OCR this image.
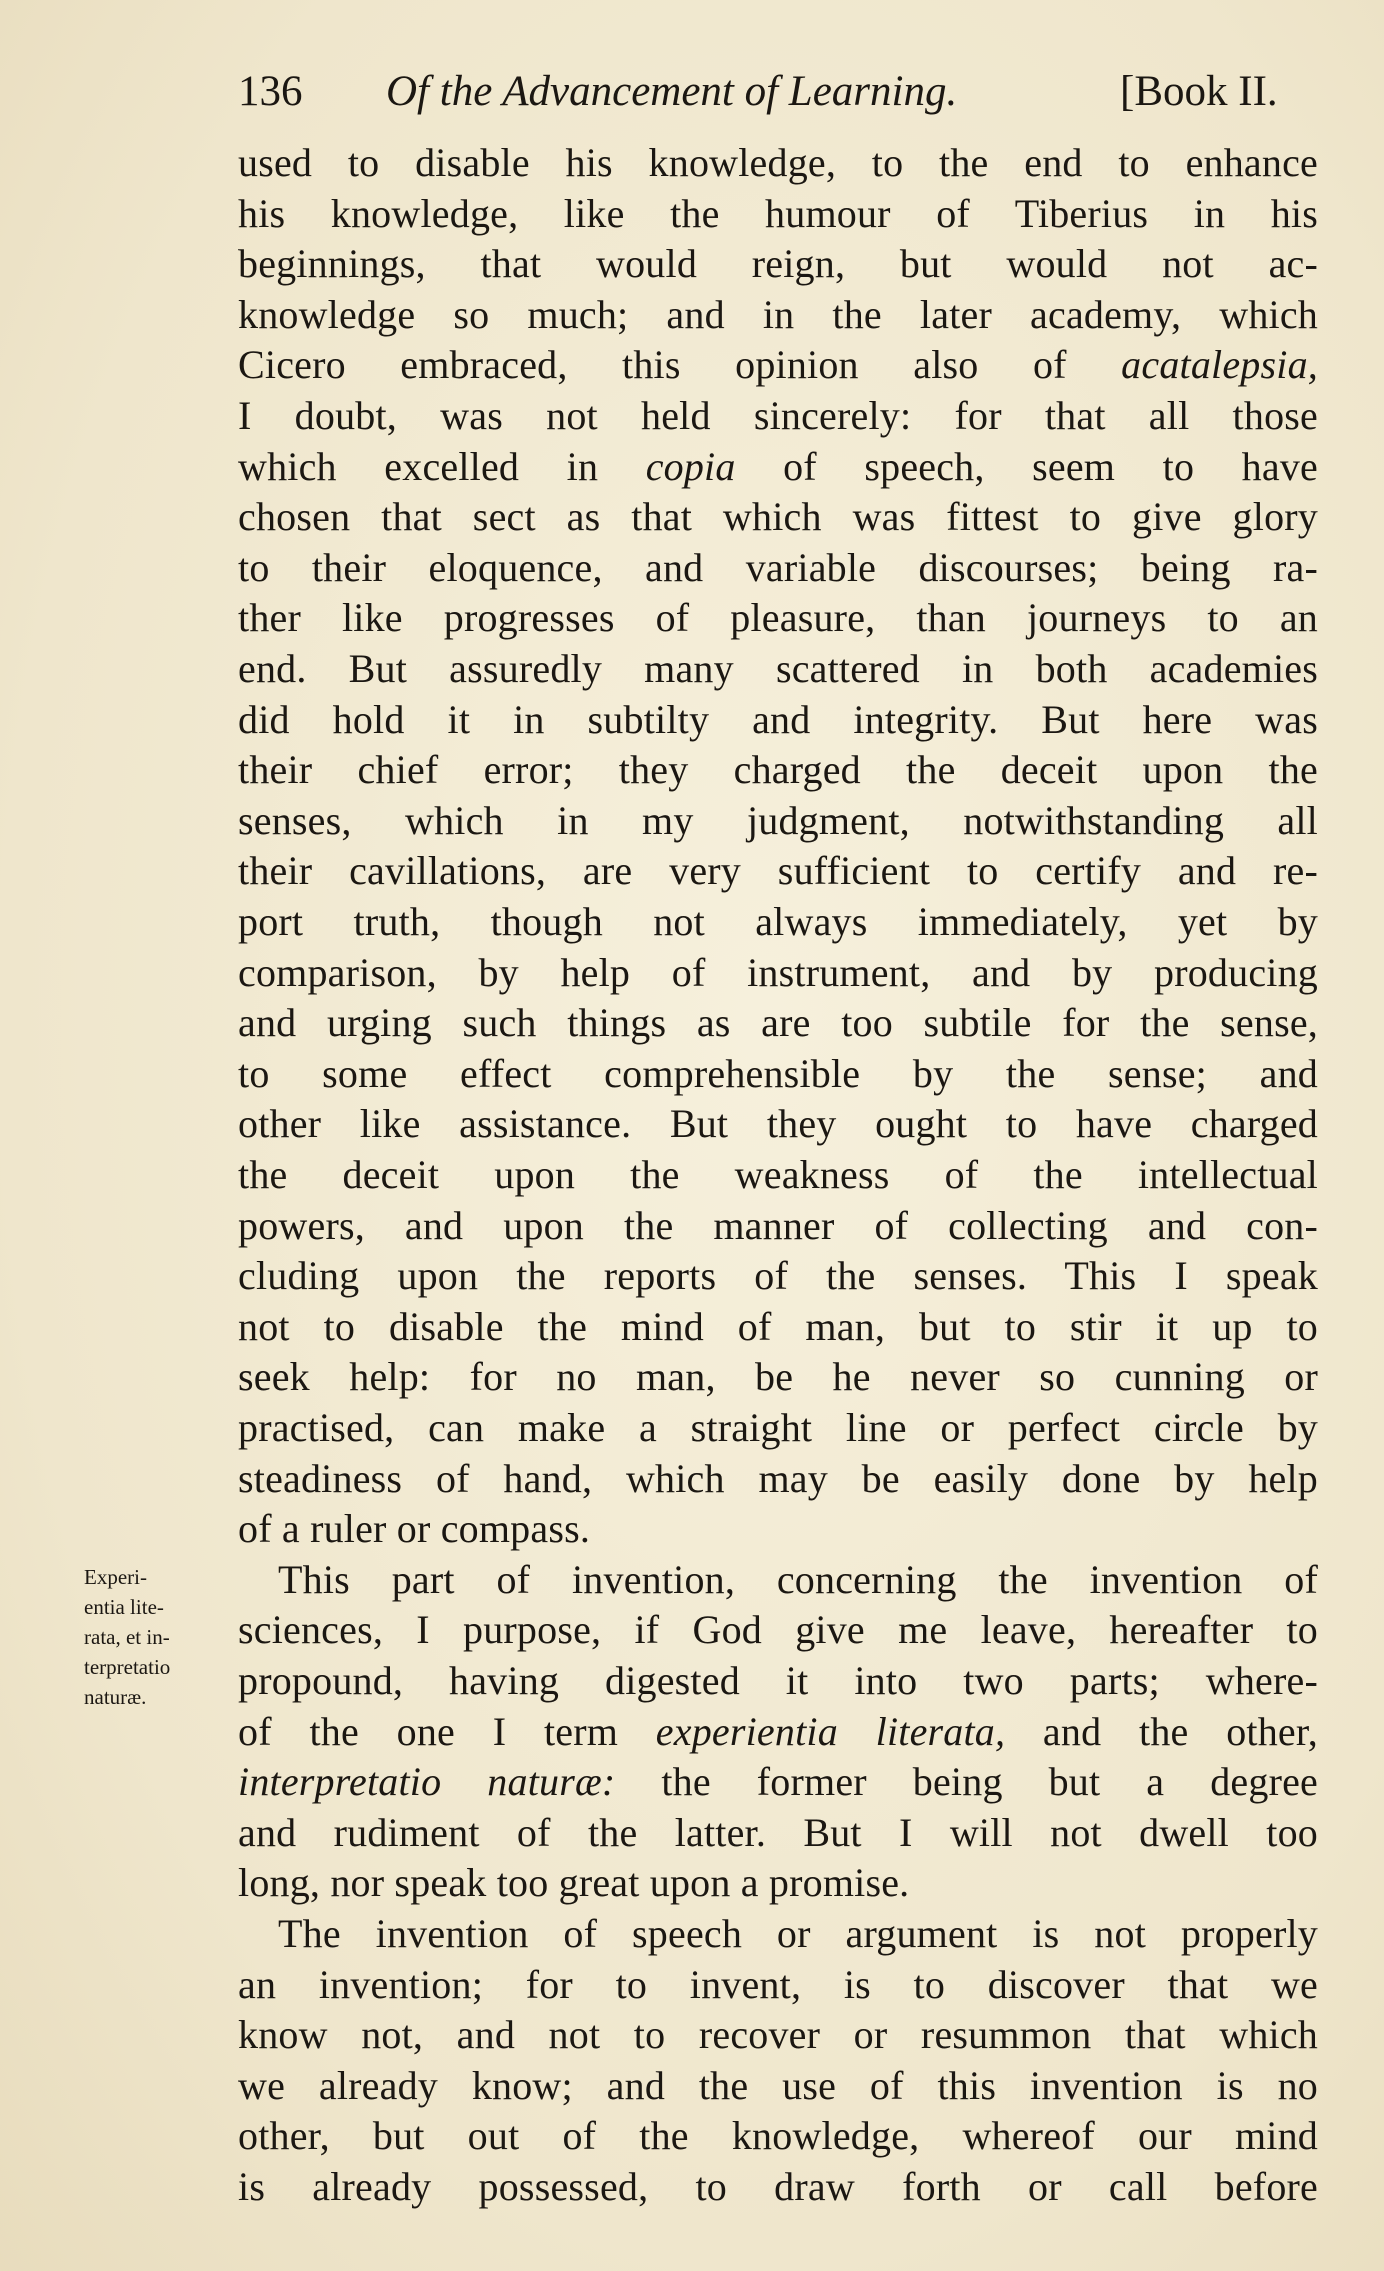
136 Of the Advancement of Learning.	[Book II.
Experi-
entia lite-
rata, et in-
terpretatio
naturæ.
used to disable his knowledge, to the end to enhance
his knowledge, like the humour of Tiberius in his
beginnings, that would reign, but would not ac-
knowledge so much; and in the later academy, which
Cicero embraced, this opinion also of acatalepsia,
I doubt, was not held sincerely: for that all those
which excelled in copia of speech, seem to have
chosen that sect as that which was fittest to give glory
to their eloquence, and variable discourses; being ra-
ther like progresses of pleasure, than journeys to an
end. But assuredly many scattered in both academies
did hold it in subtilty and integrity. But here was
their chief error; they charged the deceit upon the
senses, which in my judgment, notwithstanding all
their cavillations, are very sufficient to certify and re-
port truth, though not always immediately, yet by
comparison, by help of instrument, and by producing
and urging such things as are too subtile for the sense,
to some effect comprehensible by the sense; and
other like assistance. But they ought to have charged
the deceit upon the weakness of the intellectual
powers, and upon the manner of collecting and con-
cluding upon the reports of the senses. This I speak
not to disable the mind of man, but to stir it up to
seek help: for no man, be he never so cunning or
practised, can make a straight line or perfect circle by
steadiness of hand, which may be easily done by help
of a ruler or compass.
This part of invention, concerning the invention of
sciences, I purpose, if God give me leave, hereafter to
propound, having digested it into two parts; where-
of the one I term experientia literata, and the other,
interpretatio naturæ: the former being but a degree
and rudiment of the latter. But I will not dwell too
long, nor speak too great upon a promise.
The invention of speech or argument is not properly
an invention; for to invent, is to discover that we
know not, and not to recover or resummon that which
we already know; and the use of this invention is no
other, but out of the knowledge, whereof our mind
is already possessed, to draw forth or call before
